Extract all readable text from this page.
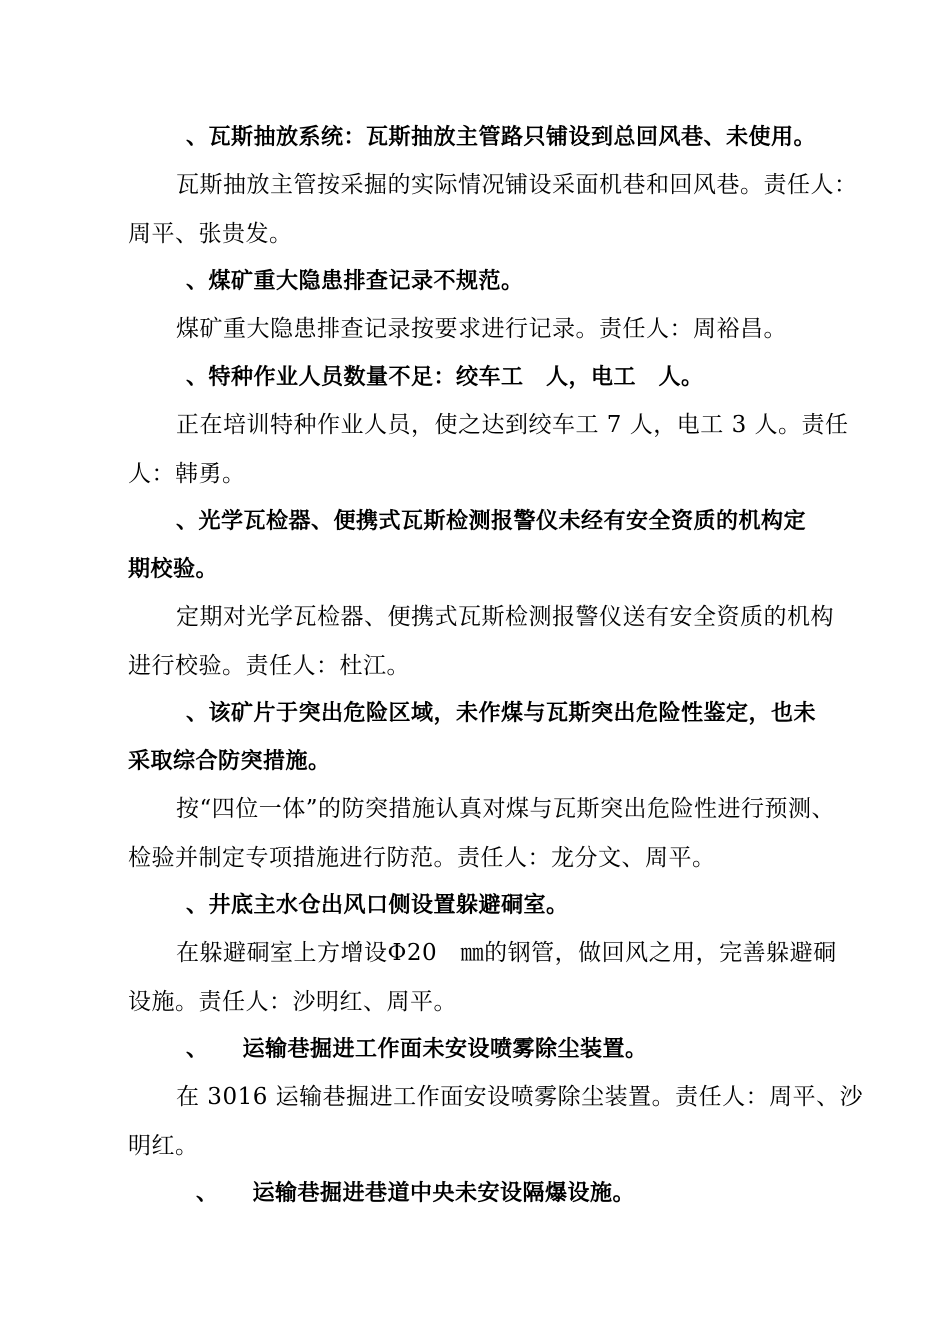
、瓦斯抽放系统：瓦斯抽放主管路只铺设到总回风巷、未使用。
瓦斯抽放主管按采掘的实际情况铺设采面机巷和回风巷。责任人：
周平、张贵发。
、煤矿重大隐患排查记录不规范。
煤矿重大隐患排查记录按要求进行记录。责任人：周裕昌。
、特种作业人员数量不足：绞车工　人，电工　人。
正在培训特种作业人员，使之达到绞车工 7 人，电工 3 人。责任
人：韩勇。
、光学瓦检器、便携式瓦斯检测报警仪未经有安全资质的机构定
期校验。
定期对光学瓦检器、便携式瓦斯检测报警仪送有安全资质的机构
进行校验。责任人：杜江。
、该矿片于突出危险区域，未作煤与瓦斯突出危险性鉴定，也未
采取综合防突措施。
按“四位一体”的防突措施认真对煤与瓦斯突出危险性进行预测、
检验并制定专项措施进行防范。责任人：龙分文、周平。
、井底主水仓出风口侧设置躲避硐室。
在躲避硐室上方增设Φ20　㎜的钢管，做回风之用，完善躲避硐
设施。责任人：沙明红、周平。
、　　运输巷掘进工作面未安设喷雾除尘装置。
在 3016 运输巷掘进工作面安设喷雾除尘装置。责任人：周平、沙
明红。
、　　运输巷掘进巷道中央未安设隔爆设施。
